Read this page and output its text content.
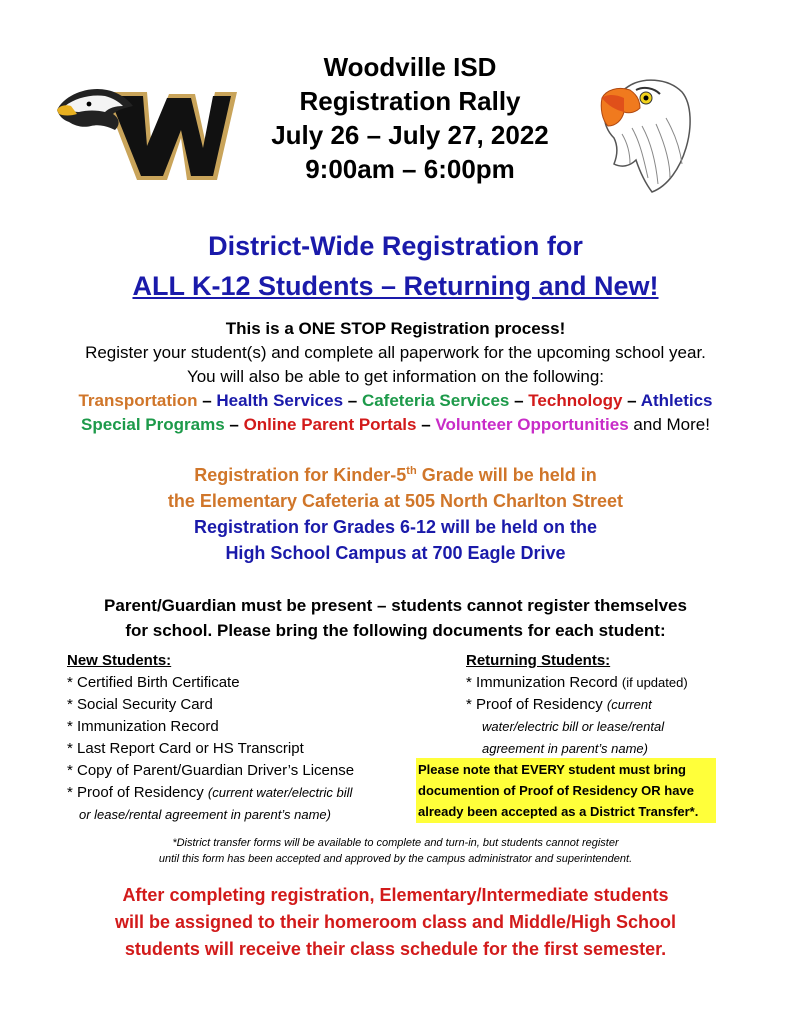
Woodville ISD
Registration Rally
July 26 – July 27, 2022
9:00am – 6:00pm
District-Wide Registration for
ALL K-12 Students – Returning and New!
This is a ONE STOP Registration process!
Register your student(s) and complete all paperwork for the upcoming school year.
You will also be able to get information on the following:
Transportation – Health Services – Cafeteria Services – Technology – Athletics
Special Programs – Online Parent Portals – Volunteer Opportunities and More!
Registration for Kinder-5th Grade will be held in
the Elementary Cafeteria at 505 North Charlton Street
Registration for Grades 6-12 will be held on the
High School Campus at 700 Eagle Drive
Parent/Guardian must be present – students cannot register themselves
for school. Please bring the following documents for each student:
New Students:
* Certified Birth Certificate
* Social Security Card
* Immunization Record
* Last Report Card or HS Transcript
* Copy of Parent/Guardian Driver’s License
* Proof of Residency (current water/electric bill
or lease/rental agreement in parent’s name)
Returning Students:
* Immunization Record (if updated)
* Proof of Residency (current
water/electric bill or lease/rental
agreement in parent’s name)
Please note that EVERY student must bring
documention of Proof of Residency OR have
already been accepted as a District Transfer*.
*District transfer forms will be available to complete and turn-in, but students cannot register
until this form has been accepted and approved by the campus administrator and superintendent.
After completing registration, Elementary/Intermediate students
will be assigned to their homeroom class and Middle/High School
students will receive their class schedule for the first semester.
